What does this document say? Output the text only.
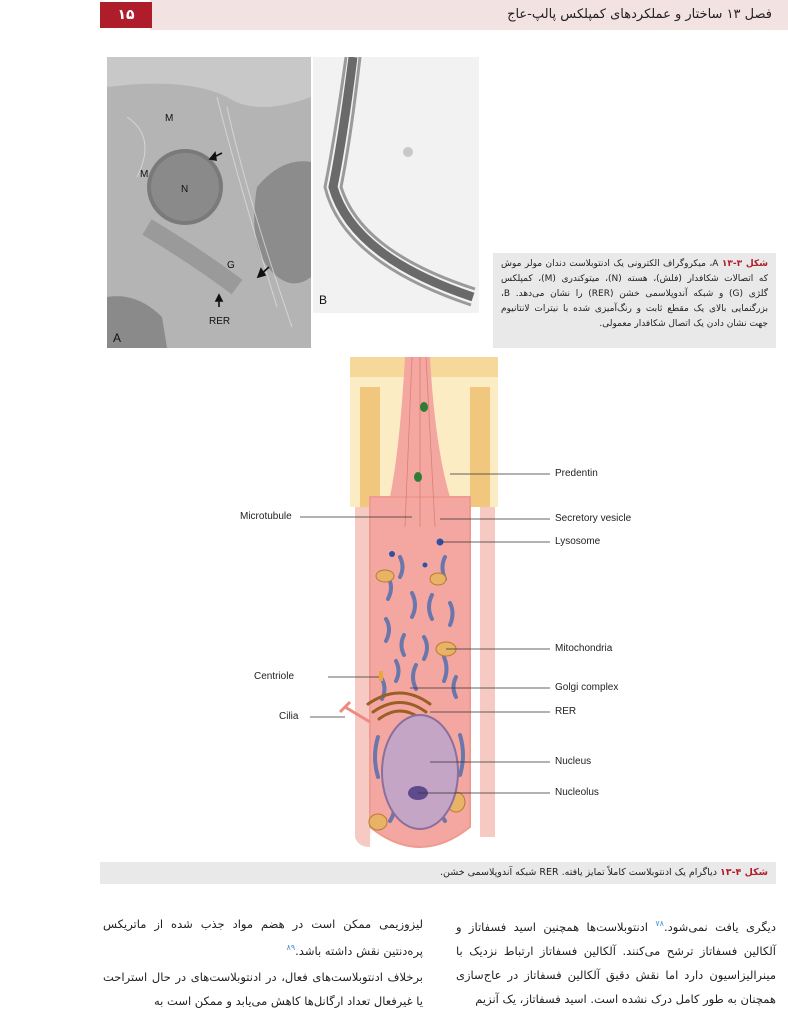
۱۵	فصل ۱۳ ساختار و عملکردهای کمپلکس پالپ-عاج
M
M
N
G
RER
A
B
شکل ۳-۱۳ A، میکروگراف الکترونی یک ادنتوبلاست دندان مولر موش که اتصالات شکافدار (فلش)، هسته (N)، میتوکندری (M)، کمپلکس گلژی (G) و شبکه آندوپلاسمی خشن (RER) را نشان می‌دهد. B، بزرگنمایی بالای یک مقطع ثابت و رنگ‌آمیزی شده با نیترات لانتانیوم جهت نشان دادن یک اتصال شکافدار معمولی.
Predentin
Secretory vesicle
Lysosome
Mitochondria
Golgi complex
RER
Nucleus
Nucleolus
Microtubule
Centriole
Cilia
شکل ۴-۱۳ دیاگرام یک ادنتوبلاست کاملاً تمایز یافته. RER شبکه آندوپلاسمی خشن.

دیگری یافت نمی‌شود.$^{۷۸}$ ادنتوبلاست‌ها همچنین اسید فسفاتاز و آلکالین فسفاتاز ترشح می‌کنند. آلکالین فسفاتاز ارتباط نزدیک با مینرالیزاسیون دارد اما نقش دقیق آلکالین فسفاتاز در عاج‌سازی همچنان به طور کامل درک نشده است. اسید فسفاتاز، یک آنزیم

لیزوزیمی ممکن است در هضم مواد جذب شده از ماتریکس پره‌دنتین نقش داشته باشد.$^{۸۹}$

برخلاف ادنتوبلاست‌های فعال، در ادنتوبلاست‌های در حال استراحت یا غیرفعال تعداد ارگانل‌ها کاهش می‌یابد و ممکن است به
